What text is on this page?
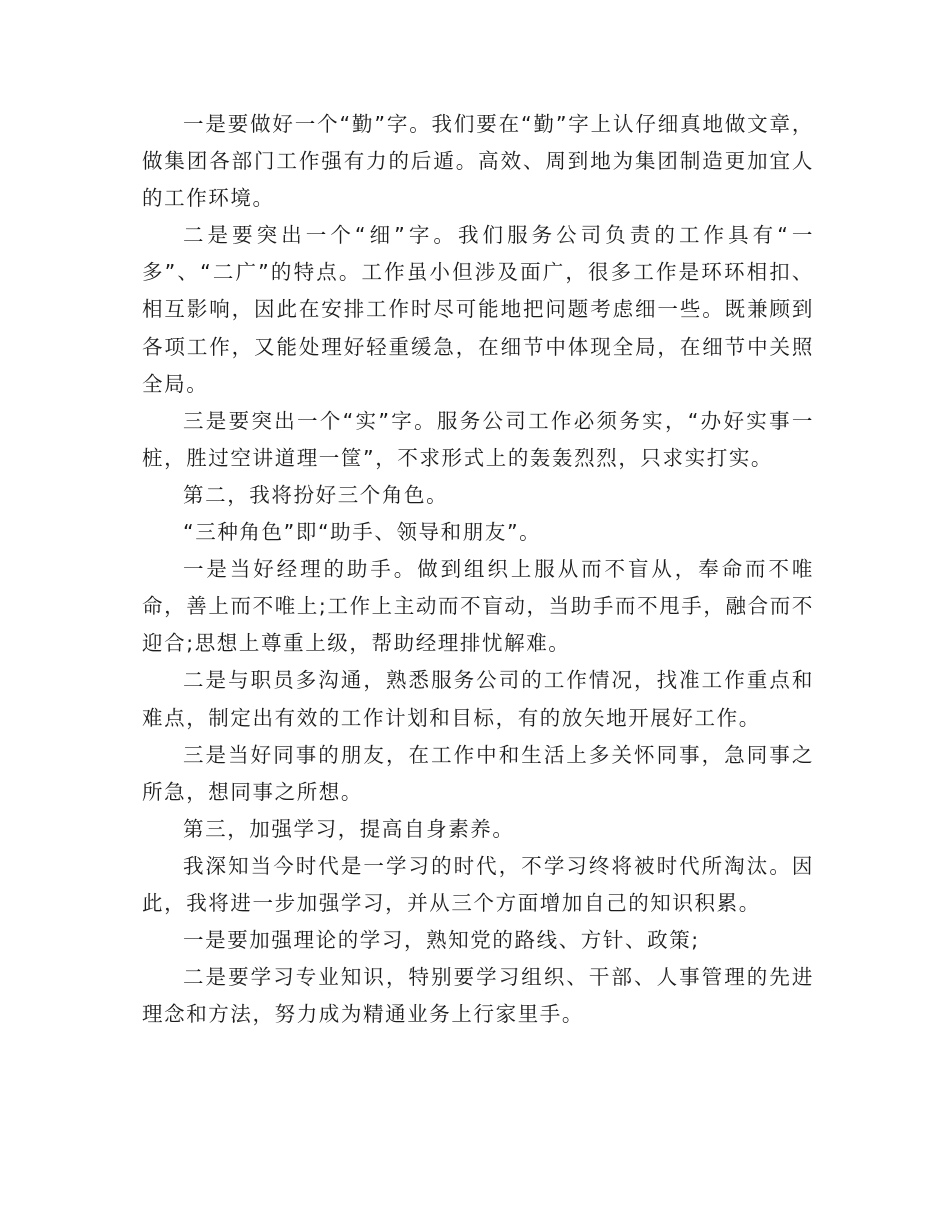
一是要做好一个“勤”字。我们要在“勤”字上认仔细真地做文章，做集团各部门工作强有力的后遁。高效、周到地为集团制造更加宜人的工作环境。

二是要突出一个“细”字。我们服务公司负责的工作具有“一多”、“二广”的特点。工作虽小但涉及面广，很多工作是环环相扣、相互影响，因此在安排工作时尽可能地把问题考虑细一些。既兼顾到各项工作，又能处理好轻重缓急，在细节中体现全局，在细节中关照全局。

三是要突出一个“实”字。服务公司工作必须务实，“办好实事一桩，胜过空讲道理一筐”，不求形式上的轰轰烈烈，只求实打实。

第二，我将扮好三个角色。

“三种角色”即“助手、领导和朋友”。

一是当好经理的助手。做到组织上服从而不盲从，奉命而不唯命，善上而不唯上;工作上主动而不盲动，当助手而不甩手，融合而不迎合;思想上尊重上级，帮助经理排忧解难。

二是与职员多沟通，熟悉服务公司的工作情况，找准工作重点和难点，制定出有效的工作计划和目标，有的放矢地开展好工作。

三是当好同事的朋友，在工作中和生活上多关怀同事，急同事之所急，想同事之所想。

第三，加强学习，提高自身素养。

我深知当今时代是一学习的时代，不学习终将被时代所淘汰。因此，我将进一步加强学习，并从三个方面增加自己的知识积累。

一是要加强理论的学习，熟知党的路线、方针、政策;

二是要学习专业知识，特别要学习组织、干部、人事管理的先进理念和方法，努力成为精通业务上行家里手。
